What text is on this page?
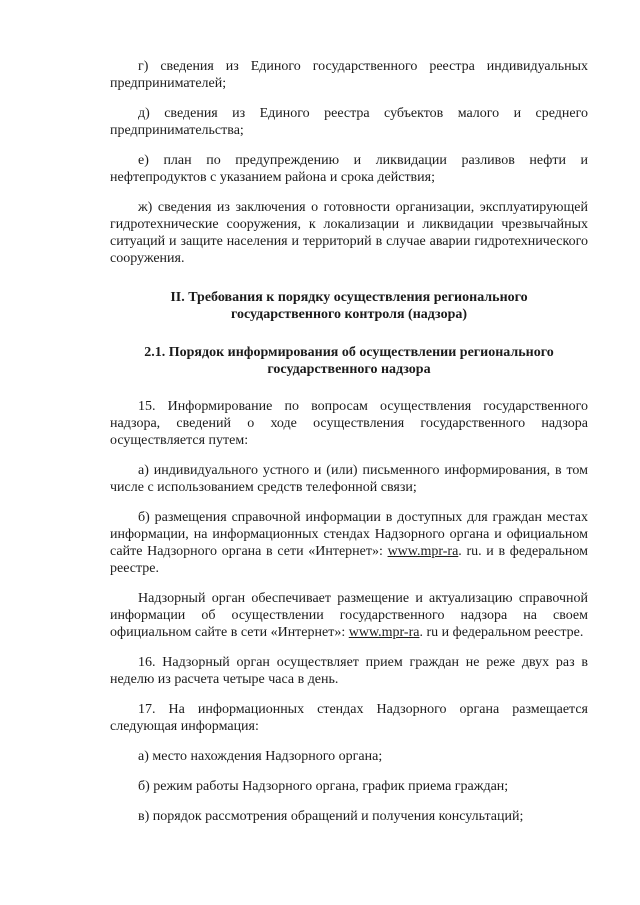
г) сведения из Единого государственного реестра индивидуальных предпринимателей;

д) сведения из Единого реестра субъектов малого и среднего предпринимательства;

е) план по предупреждению и ликвидации разливов нефти и нефтепродуктов с указанием района и срока действия;

ж) сведения из заключения о готовности организации, эксплуатирующей гидротехнические сооружения, к локализации и ликвидации чрезвычайных ситуаций и защите населения и территорий в случае аварии гидротехнического сооружения.

II. Требования к порядку осуществления регионального

государственного контроля (надзора)

2.1. Порядок информирования об осуществлении регионального

государственного надзора

15. Информирование по вопросам осуществления государственного надзора, сведений о ходе осуществления государственного надзора осуществляется путем:

а) индивидуального устного и (или) письменного информирования, в том числе с использованием средств телефонной связи;

б) размещения справочной информации в доступных для граждан местах информации, на информационных стендах Надзорного органа и официальном сайте Надзорного органа в сети «Интернет»: www.mpr-ra. ru. и в федеральном реестре.

Надзорный орган обеспечивает размещение и актуализацию справочной информации об осуществлении государственного надзора на своем официальном сайте в сети «Интернет»: www.mpr-ra. ru и федеральном реестре.

16. Надзорный орган осуществляет прием граждан не реже двух раз в неделю из расчета четыре часа в день.

17. На информационных стендах Надзорного органа размещается следующая информация:

а) место нахождения Надзорного органа;

б) режим работы Надзорного органа, график приема граждан;

в) порядок рассмотрения обращений и получения консультаций;
